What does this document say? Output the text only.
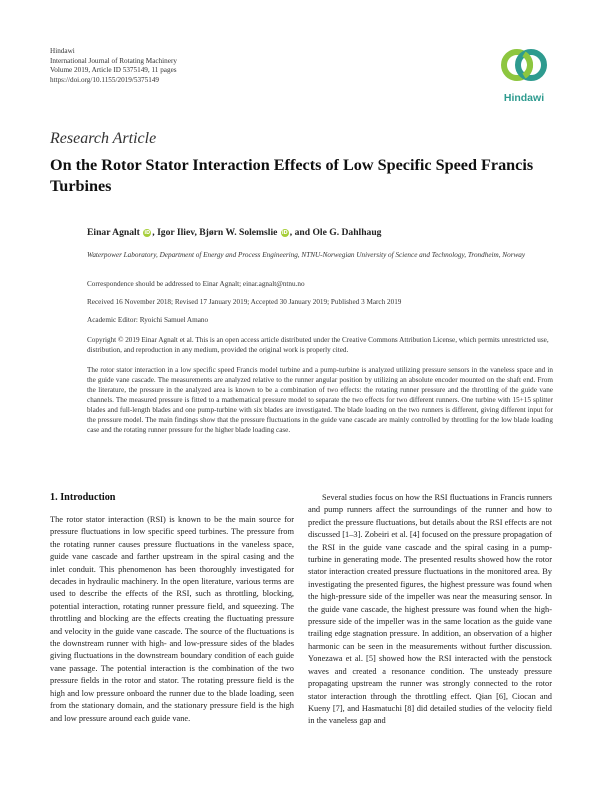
Hindawi
International Journal of Rotating Machinery
Volume 2019, Article ID 5375149, 11 pages
https://doi.org/10.1155/2019/5375149
Hindawi
Research Article
On the Rotor Stator Interaction Effects of Low Specific Speed Francis Turbines
Einar Agnalt iD , Igor Iliev, Bjørn W. Solemslie iD , and Ole G. Dahlhaug
Waterpower Laboratory, Department of Energy and Process Engineering, NTNU-Norwegian University of Science and Technology, Trondheim, Norway
Correspondence should be addressed to Einar Agnalt; einar.agnalt@ntnu.no
Received 16 November 2018; Revised 17 January 2019; Accepted 30 January 2019; Published 3 March 2019
Academic Editor: Ryoichi Samuel Amano
Copyright © 2019 Einar Agnalt et al. This is an open access article distributed under the Creative Commons Attribution License, which permits unrestricted use, distribution, and reproduction in any medium, provided the original work is properly cited.
The rotor stator interaction in a low specific speed Francis model turbine and a pump-turbine is analyzed utilizing pressure sensors in the vaneless space and in the guide vane cascade. The measurements are analyzed relative to the runner angular position by utilizing an absolute encoder mounted on the shaft end. From the literature, the pressure in the analyzed area is known to be a combination of two effects: the rotating runner pressure and the throttling of the guide vane channels. The measured pressure is fitted to a mathematical pressure model to separate the two effects for two different runners. One turbine with 15+15 splitter blades and full-length blades and one pump-turbine with six blades are investigated. The blade loading on the two runners is different, giving different input for the pressure model. The main findings show that the pressure fluctuations in the guide vane cascade are mainly controlled by throttling for the low blade loading case and the rotating runner pressure for the higher blade loading case.
1. Introduction

The rotor stator interaction (RSI) is known to be the main source for pressure fluctuations in low specific speed turbines. The pressure from the rotating runner causes pressure fluctuations in the vaneless space, guide vane cascade and farther upstream in the spiral casing and the inlet conduit. This phenomenon has been thoroughly investigated for decades in hydraulic machinery. In the open literature, various terms are used to describe the effects of the RSI, such as throttling, blocking, potential interaction, rotating runner pressure field, and squeezing. The throttling and blocking are the effects creating the fluctuating pressure and velocity in the guide vane cascade. The source of the fluctuations is the downstream runner with high- and low-pressure sides of the blades giving fluctuations in the downstream boundary condition of each guide vane passage. The potential interaction is the combination of the two pressure fields in the rotor and stator. The rotating pressure field is the high and low pressure onboard the runner due to the blade loading, seen from the stationary domain, and the stationary pressure field is the high and low pressure around each guide vane.

Several studies focus on how the RSI fluctuations in Francis runners and pump runners affect the surroundings of the runner and how to predict the pressure fluctuations, but details about the RSI effects are not discussed [1–3]. Zobeiri et al. [4] focused on the pressure propagation of the RSI in the guide vane cascade and the spiral casing in a pump-turbine in generating mode. The presented results showed how the rotor stator interaction created pressure fluctuations in the monitored area. By investigating the presented figures, the highest pressure was found when the high-pressure side of the impeller was near the measuring sensor. In the guide vane cascade, the highest pressure was found when the high-pressure side of the impeller was in the same location as the guide vane trailing edge stagnation pressure. In addition, an observation of a higher harmonic can be seen in the measurements without further discussion. Yonezawa et al. [5] showed how the RSI interacted with the penstock waves and created a resonance condition. The unsteady pressure propagating upstream the runner was strongly connected to the rotor stator interaction through the throttling effect. Qian [6], Ciocan and Kueny [7], and Hasmatuchi [8] did detailed studies of the velocity field in the vaneless gap and
